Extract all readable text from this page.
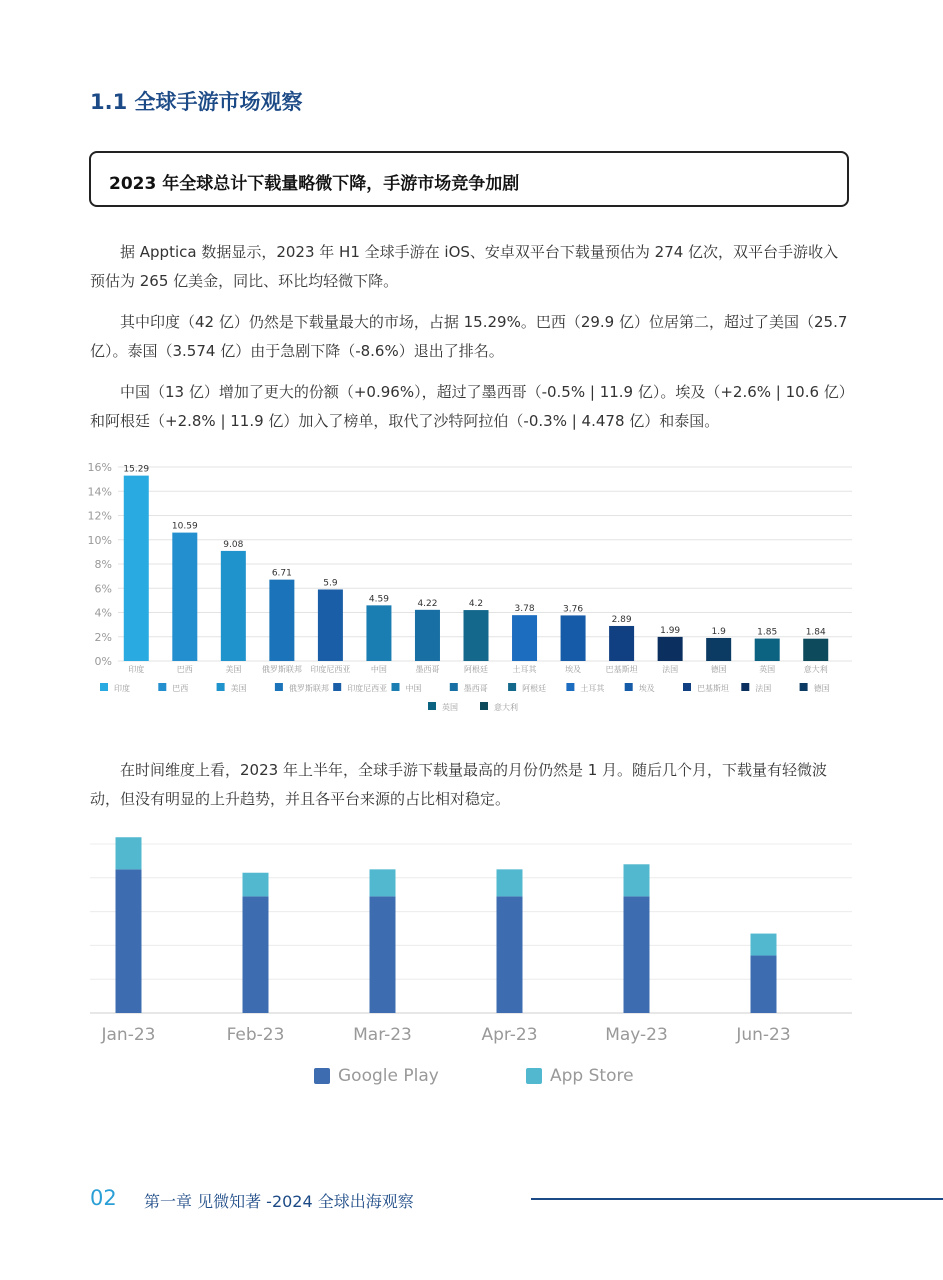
1.1 全球手游市场观察
2023 年全球总计下载量略微下降，手游市场竞争加剧

据 Apptica 数据显示，2023 年 H1 全球手游在 iOS、安卓双平台下载量预估为 274 亿次，双平台手游收入预估为 265 亿美金，同比、环比均轻微下降。

其中印度（42 亿）仍然是下载量最大的市场，占据 15.29%。巴西（29.9 亿）位居第二，超过了美国（25.7 亿）。泰国（3.574 亿）由于急剧下降（-8.6%）退出了排名。

中国（13 亿）增加了更大的份额（+0.96%），超过了墨西哥（-0.5% | 11.9 亿）。埃及（+2.6% | 10.6 亿）和阿根廷（+2.8% | 11.9 亿）加入了榜单，取代了沙特阿拉伯（-0.3% | 4.478 亿）和泰国。

0%
2%
4%
6%
8%
10%
12%
14%
16% 15.29
印度
10.59
巴西
9.08
美国
6.71
俄罗斯联邦
5.9
印度尼西亚
4.59
中国
4.22
墨西哥
4.2
阿根廷
3.78
土耳其
3.76
埃及
2.89
巴基斯坦
1.99
法国
1.9
德国
1.85
英国
1.84
意大利
印度	巴西	美国	俄罗斯联邦 印度尼西亚 中国	墨西哥	阿根廷	土耳其	埃及	巴基斯坦	法国	德国
英国	意大利

在时间维度上看，2023 年上半年，全球手游下载量最高的月份仍然是 1 月。随后几个月，下载量有轻微波动，但没有明显的上升趋势，并且各平台来源的占比相对稳定。

Jan-23	Feb-23	Mar-23	Apr-23	May-23	Jun-23
Google Play	App Store
02 第一章 见微知著 -2024 全球出海观察
